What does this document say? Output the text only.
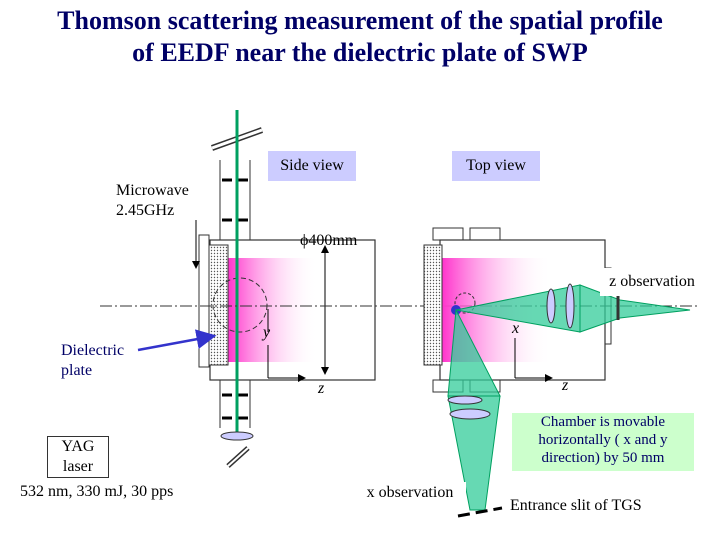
Thomson scattering measurement of the spatial profile
of EEDF near the dielectric plate of SWP
Side view	Top view
Microwave
2.45GHz
ϕ400mm
z observation
Dielectric
plate
y
z
x
z
Chamber is movable
horizontally ( x and y
direction) by 50 mm
YAG
laser
532 nm, 330 mJ, 30 pps	x observation
Entrance slit of TGS
